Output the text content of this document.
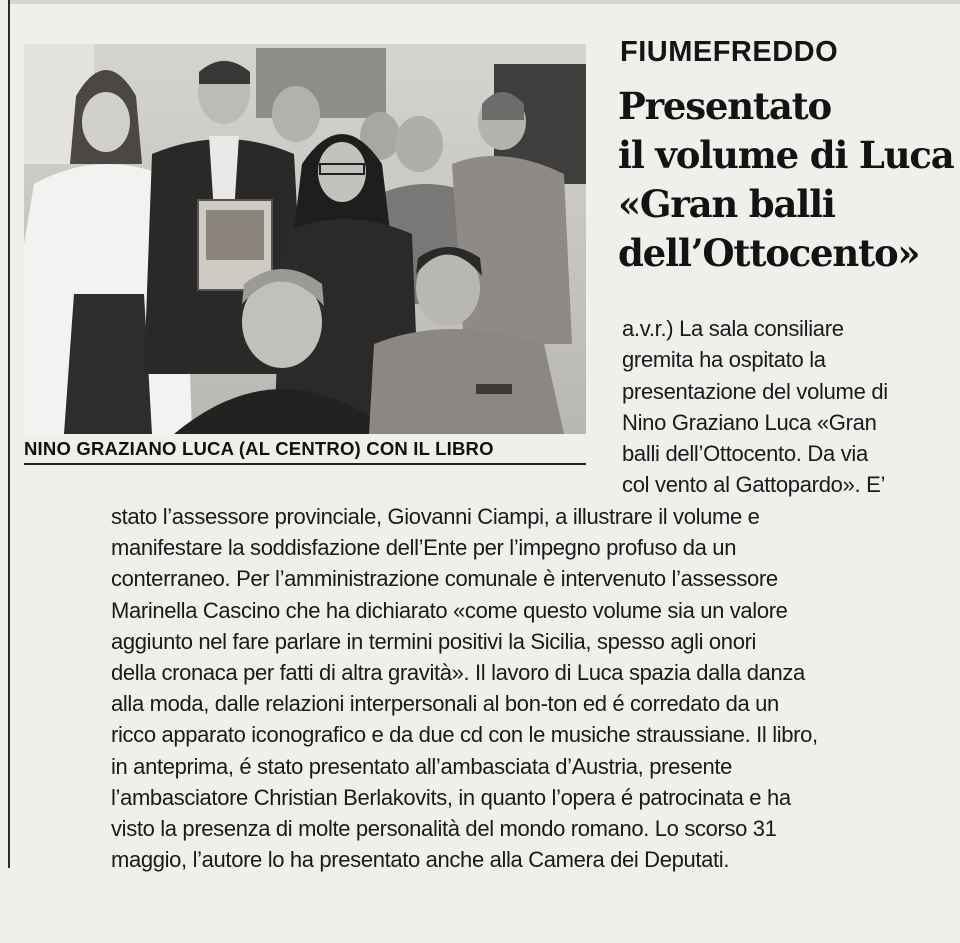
NINO GRAZIANO LUCA (AL CENTRO) CON IL LIBRO
FIUMEFREDDO
Presentato
il volume di Luca
«Gran balli
dell’Ottocento»
a.v.r.) La sala consiliare
gremita ha ospitato la
presentazione del volume di
Nino Graziano Luca «Gran
balli dell’Ottocento. Da via
col vento al Gattopardo». E’
stato l’assessore provinciale, Giovanni Ciampi, a illustrare il volume e
manifestare la soddisfazione dell’Ente per l’impegno profuso da un
conterraneo. Per l’amministrazione comunale è intervenuto l’assessore
Marinella Cascino che ha dichiarato «come questo volume sia un valore
aggiunto nel fare parlare in termini positivi la Sicilia, spesso agli onori
della cronaca per fatti di altra gravità». Il lavoro di Luca spazia dalla danza
alla moda, dalle relazioni interpersonali al bon-ton ed é corredato da un
ricco apparato iconografico e da due cd con le musiche straussiane. Il libro,
in anteprima, é stato presentato all’ambasciata d’Austria, presente
l’ambasciatore Christian Berlakovits, in quanto l’opera é patrocinata e ha
visto la presenza di molte personalità del mondo romano. Lo scorso 31
maggio, l’autore lo ha presentato anche alla Camera dei Deputati.
